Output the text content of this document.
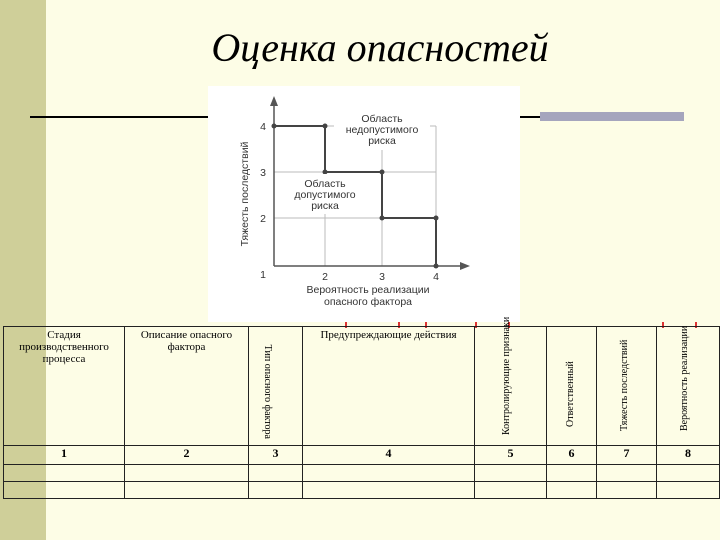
Оценка опасностей
4
3
2
1	2	3	4
Тяжесть последствий
Вероятность реализации
опасного фактора
Область
недопустимого
риска
Область
допустимого
риска
Стадия производственного процесса	Описание опасного фактора	Тип опасного фактора	Предупреждающие действия	Контролирующие признаки	Ответственный	Тяжесть последствий	Вероятность реализации

1	2	3	4	5	6	7	8
